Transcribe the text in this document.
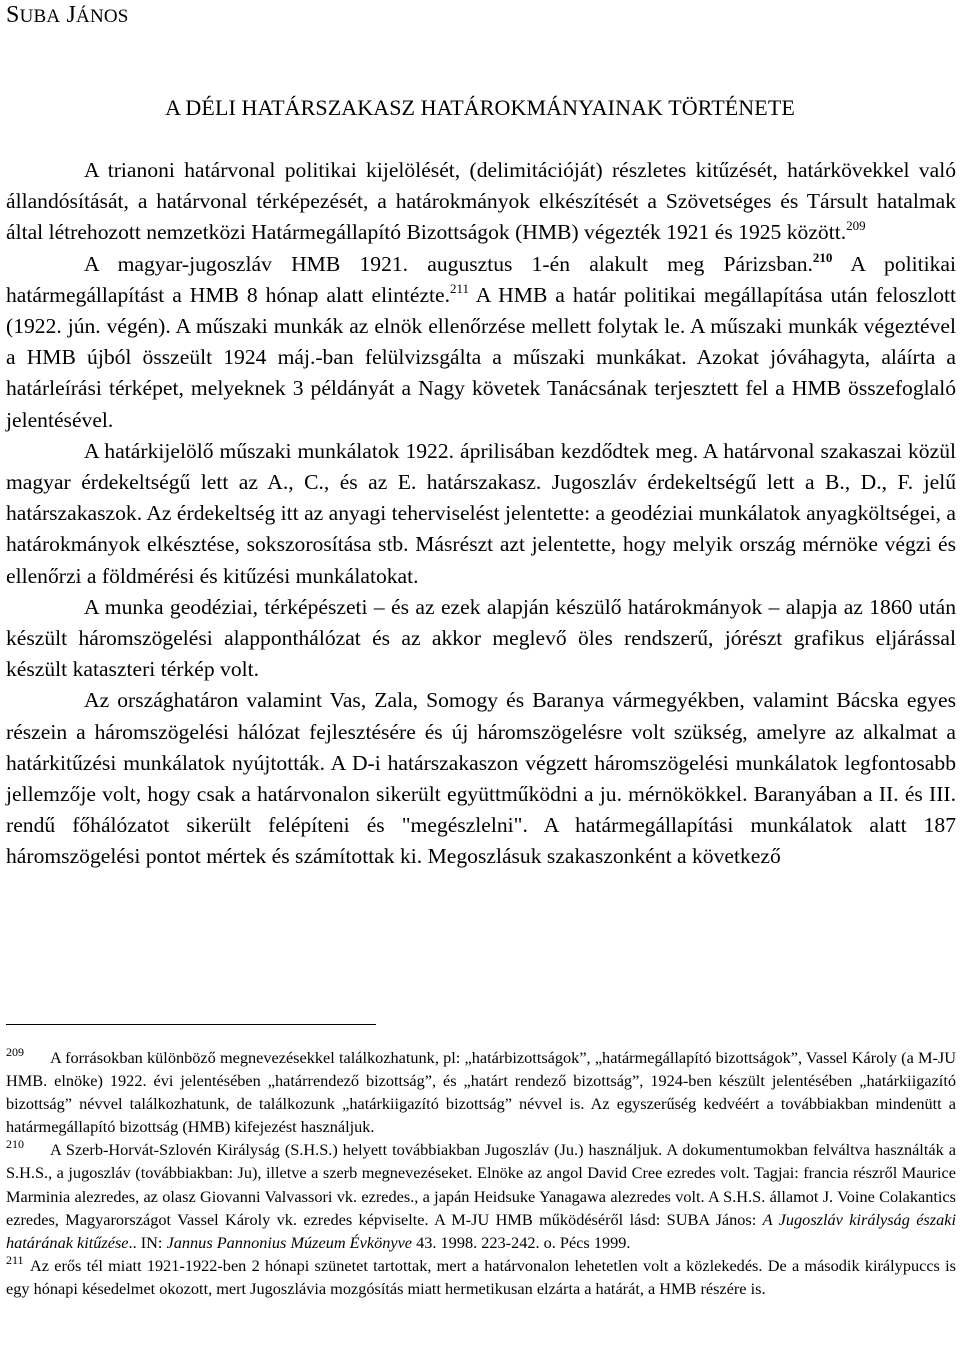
SUBA JÁNOS
A DÉLI HATÁRSZAKASZ HATÁROKMÁNYAINAK TÖRTÉNETE

A trianoni határvonal politikai kijelölését, (delimitációját) részletes kitűzését, határkövekkel való állandósítását, a határvonal térképezését, a határokmányok elkészítését a Szövetséges és Társult hatalmak által létrehozott nemzetközi Határmegállapító Bizottságok (HMB) végezték 1921 és 1925 között.$^{209}$

A magyar-jugoszláv HMB 1921. augusztus 1-én alakult meg Párizsban.$^{210}$ A politikai határmegállapítást a HMB 8 hónap alatt elintézte.$^{211}$ A HMB a határ politikai megállapítása után feloszlott (1922. jún. végén). A műszaki munkák az elnök ellenőrzése mellett folytak le. A műszaki munkák végeztével a HMB újból összeült 1924 máj.-ban felülvizsgálta a műszaki munkákat. Azokat jóváhagyta, aláírta a határleírási térképet, melyeknek 3 példányát a Nagy követek Tanácsának terjesztett fel a HMB összefoglaló jelentésével.

A határkijelölő műszaki munkálatok 1922. áprilisában kezdődtek meg. A határvonal szakaszai közül magyar érdekeltségű lett az A., C., és az E. határszakasz. Jugoszláv érdekeltségű lett a B., D., F. jelű határszakaszok. Az érdekeltség itt az anyagi teherviselést jelentette: a geodéziai munkálatok anyagköltségei, a határokmányok elkésztése, sokszorosítása stb. Másrészt azt jelentette, hogy melyik ország mérnöke végzi és ellenőrzi a földmérési és kitűzési munkálatokat.

A munka geodéziai, térképészeti – és az ezek alapján készülő határokmányok – alapja az 1860 után készült háromszögelési alapponthálózat és az akkor meglevő öles rendszerű, jórészt grafikus eljárással készült kataszteri térkép volt.

Az országhatáron valamint Vas, Zala, Somogy és Baranya vármegyékben, valamint Bácska egyes részein a háromszögelési hálózat fejlesztésére és új háromszögelésre volt szükség, amelyre az alkalmat a határkitűzési munkálatok nyújtották. A D-i határszakaszon végzett háromszögelési munkálatok legfontosabb jellemzője volt, hogy csak a határvonalon sikerült együttműködni a ju. mérnökökkel. Baranyában a II. és III. rendű főhálózatot sikerült felépíteni és "megészlelni". A határmegállapítási munkálatok alatt 187 háromszögelési pontot mértek és számítottak ki. Megoszlásuk szakaszonként a következő

$^{209}$ A forrásokban különböző megnevezésekkel találkozhatunk, pl: „határbizottságok”, „határmegállapító bizottságok”, Vassel Károly (a M-JU HMB. elnöke) 1922. évi jelentésében „határrendező bizottság”, és „határt rendező bizottság”, 1924-ben készült jelentésében „határkiigazító bizottság” névvel találkozhatunk, de találkozunk „határkiigazító bizottság” névvel is. Az egyszerűség kedvéért a továbbiakban mindenütt a határmegállapító bizottság (HMB) kifejezést használjuk.

$^{210}$ A Szerb-Horvát-Szlovén Királyság (S.H.S.) helyett továbbiakban Jugoszláv (Ju.) használjuk. A dokumentumokban felváltva használták a S.H.S., a jugoszláv (továbbiakban: Ju), illetve a szerb megnevezéseket. Elnöke az angol David Cree ezredes volt. Tagjai: francia részről Maurice Marminia alezredes, az olasz Giovanni Valvassori vk. ezredes., a japán Heidsuke Yanagawa alezredes volt. A S.H.S. államot J. Voine Colakantics ezredes, Magyarországot Vassel Károly vk. ezredes képviselte. A M-JU HMB működéséről lásd: SUBA János: A Jugoszláv királyság északi határának kitűzése.. IN: Jannus Pannonius Múzeum Évkönyve 43. 1998. 223-242. o. Pécs 1999.

$^{211}$ Az erős tél miatt 1921-1922-ben 2 hónapi szünetet tartottak, mert a határvonalon lehetetlen volt a közlekedés. De a második királypuccs is egy hónapi késedelmet okozott, mert Jugoszlávia mozgósítás miatt hermetikusan elzárta a határát, a HMB részére is.
